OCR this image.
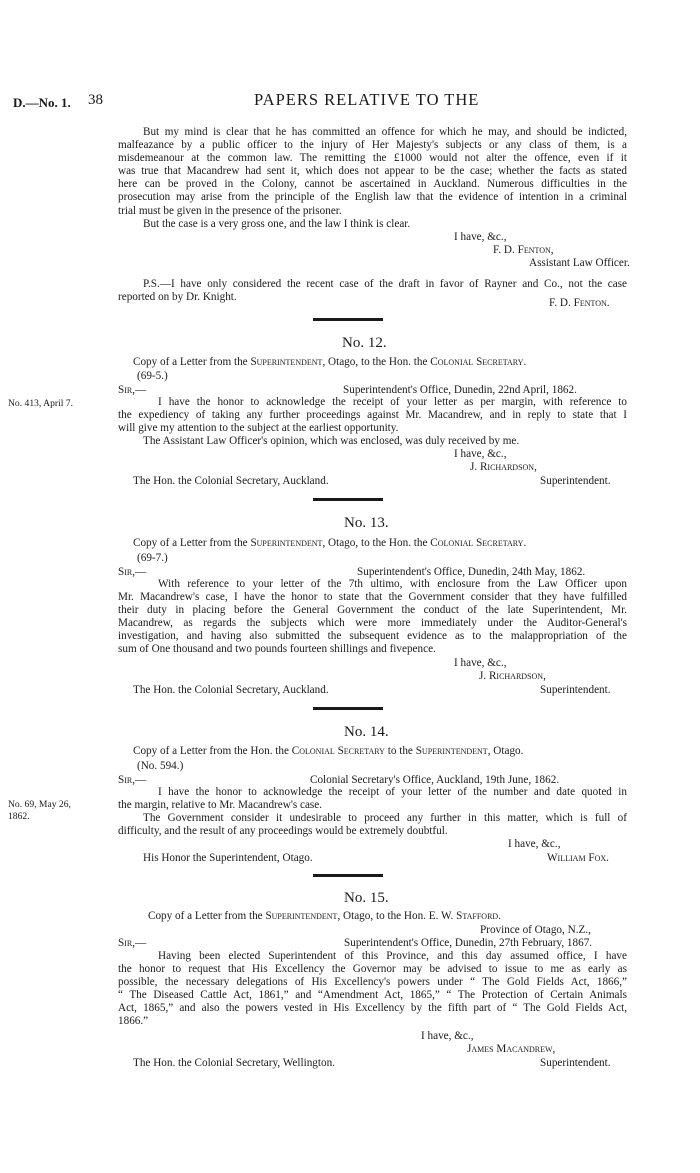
D.—No. 1. 38	PAPERS RELATIVE TO THE
But my mind is clear that he has committed an offence for which he may, and should be indicted,
malfeazance by a public officer to the injury of Her Majesty's subjects or any class of them, is a
misdemeanour at the common law. The remitting the £1000 would not alter the offence, even if it
was true that Macandrew had sent it, which does not appear to be the case; whether the facts as stated
here can be proved in the Colony, cannot be ascertained in Auckland. Numerous difficulties in the
prosecution may arise from the principle of the English law that the evidence of intention in a criminal
trial must be given in the presence of the prisoner.
But the case is a very gross one, and the law I think is clear.
I have, &c.,
F. D. Fenton,
Assistant Law Officer.
P.S.—I have only considered the recent case of the draft in favor of Rayner and Co., not the case
reported on by Dr. Knight.	F. D. Fenton.
No. 12.
Copy of a Letter from the Superintendent, Otago, to the Hon. the Colonial Secretary.
(69-5.)
Sir,—	Superintendent's Office, Dunedin, 22nd April, 1862.
No. 413, April 7.	I have the honor to acknowledge the receipt of your letter as per margin, with reference to
the expediency of taking any further proceedings against Mr. Macandrew, and in reply to state that I
will give my attention to the subject at the earliest opportunity.
The Assistant Law Officer's opinion, which was enclosed, was duly received by me.
I have, &c.,
J. Richardson,
The Hon. the Colonial Secretary, Auckland.	Superintendent.
No. 13.
Copy of a Letter from the Superintendent, Otago, to the Hon. the Colonial Secretary.
(69-7.)
Sir,—	Superintendent's Office, Dunedin, 24th May, 1862.
With reference to your letter of the 7th ultimo, with enclosure from the Law Officer upon
Mr. Macandrew's case, I have the honor to state that the Government consider that they have fulfilled
their duty in placing before the General Government the conduct of the late Superintendent, Mr.
Macandrew, as regards the subjects which were more immediately under the Auditor-General's
investigation, and having also submitted the subsequent evidence as to the malappropriation of the
sum of One thousand and two pounds fourteen shillings and fivepence.
I have, &c.,
J. Richardson,
The Hon. the Colonial Secretary, Auckland.	Superintendent.
No. 14.
Copy of a Letter from the Hon. the Colonial Secretary to the Superintendent, Otago.
(No. 594.)
Sir,—	Colonial Secretary's Office, Auckland, 19th June, 1862.
No. 69, May 26,
1862.
I have the honor to acknowledge the receipt of your letter of the number and date quoted in
the margin, relative to Mr. Macandrew's case.
The Government consider it undesirable to proceed any further in this matter, which is full of
difficulty, and the result of any proceedings would be extremely doubtful.
I have, &c.,
His Honor the Superintendent, Otago.	William Fox.
No. 15.
Copy of a Letter from the Superintendent, Otago, to the Hon. E. W. Stafford.
Province of Otago, N.Z.,
Sir,—	Superintendent's Office, Dunedin, 27th February, 1867.
Having been elected Superintendent of this Province, and this day assumed office, I have
the honor to request that His Excellency the Governor may be advised to issue to me as early as
possible, the necessary delegations of His Excellency's powers under “ The Gold Fields Act, 1866,”
“ The Diseased Cattle Act, 1861,” and “Amendment Act, 1865,” “ The Protection of Certain Animals
Act, 1865,” and also the powers vested in His Excellency by the fifth part of “ The Gold Fields Act,
1866.”
I have, &c.,
James Macandrew,
The Hon. the Colonial Secretary, Wellington.	Superintendent.
